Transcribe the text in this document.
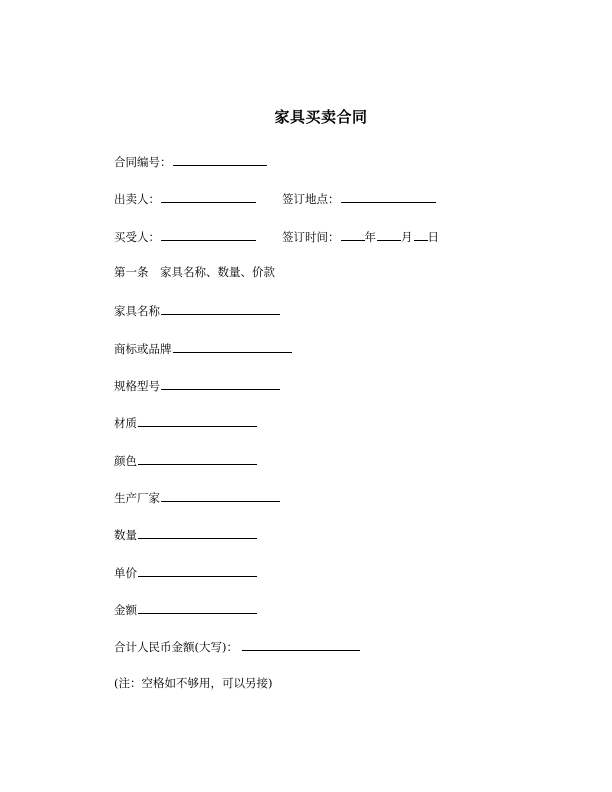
家具买卖合同
合同编号：
出卖人：	签订地点：
买受人：	签订时间： 年 月 日
第一条　家具名称、数量、价款
家具名称
商标或品牌
规格型号
材质
颜色
生产厂家
数量
单价
金额
合计人民币金额(大写)：
(注：空格如不够用，可以另接)
